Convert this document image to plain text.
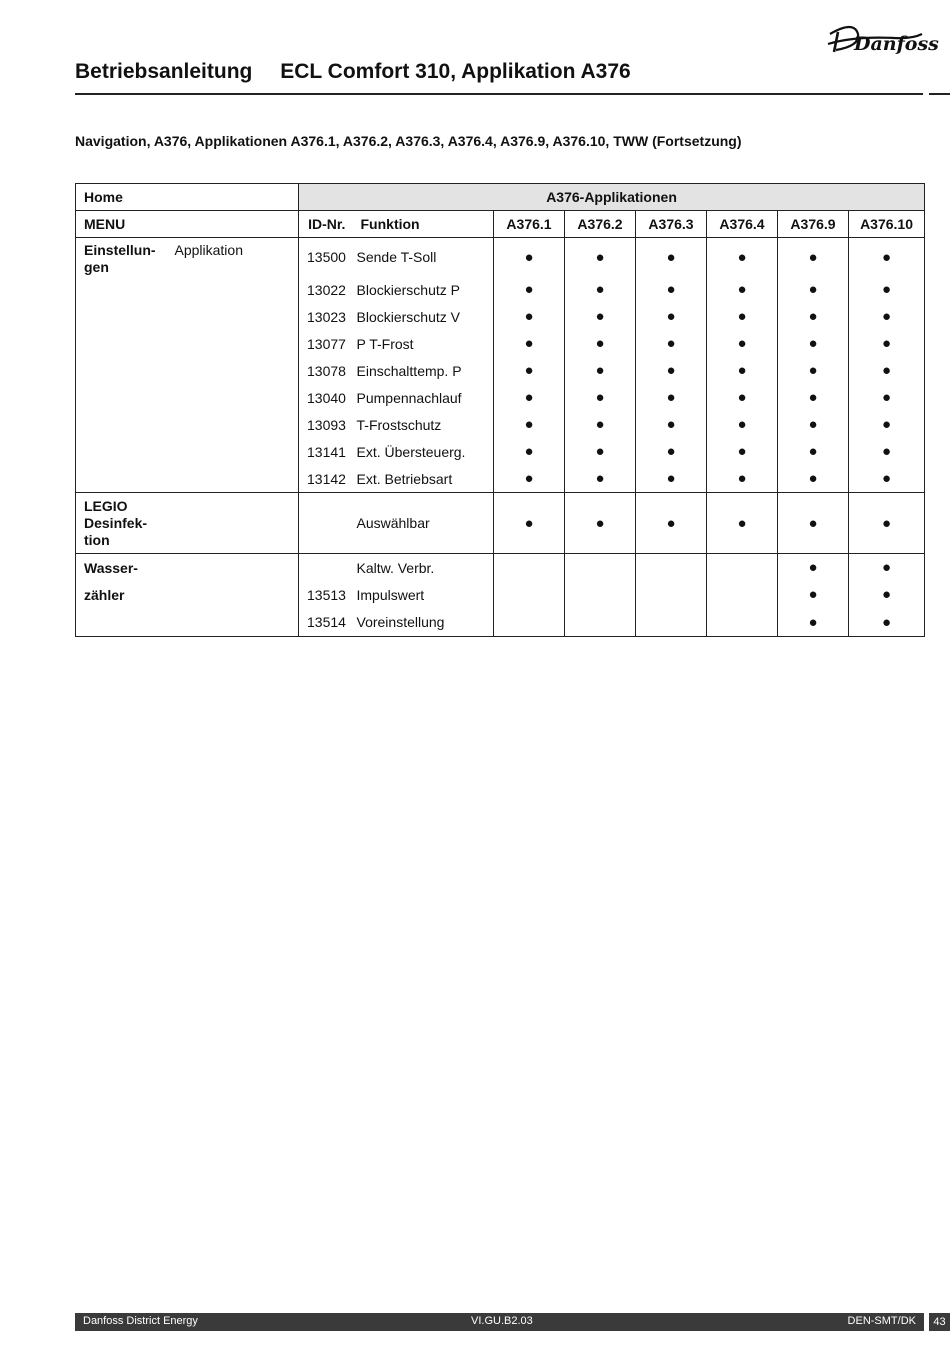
Danfoss
Betriebsanleitung ECL Comfort 310, Applikation A376
Navigation, A376, Applikationen A376.1, A376.2, A376.3, A376.4, A376.9, A376.10, TWW (Fortsetzung)
Home		A376-Applikationen							
MENU		ID-Nr.	Funktion	A376.1	A376.2	A376.3	A376.4	A376.9	A376.10
Einstellun-
gen	Applikation	13500	Sende T-Soll	●	●	●	●	●	●
		13022	Blockierschutz P	●	●	●	●	●	●
		13023	Blockierschutz V	●	●	●	●	●	●
		13077	P T-Frost	●	●	●	●	●	●
		13078	Einschalttemp. P	●	●	●	●	●	●
		13040	Pumpennachlauf	●	●	●	●	●	●
		13093	T-Frostschutz	●	●	●	●	●	●
		13141	Ext. Übersteuerg.	●	●	●	●	●	●
		13142	Ext. Betriebsart	●	●	●	●	●	●
LEGIO
Desinfek-
tion			Auswählbar	●	●	●	●	●	●
Wasser-			Kaltw. Verbr.					●	●
zähler		13513	Impulswert					●	●
		13514	Voreinstellung					●	●
Danfoss District Energy	VI.GU.B2.03	DEN-SMT/DK	43
